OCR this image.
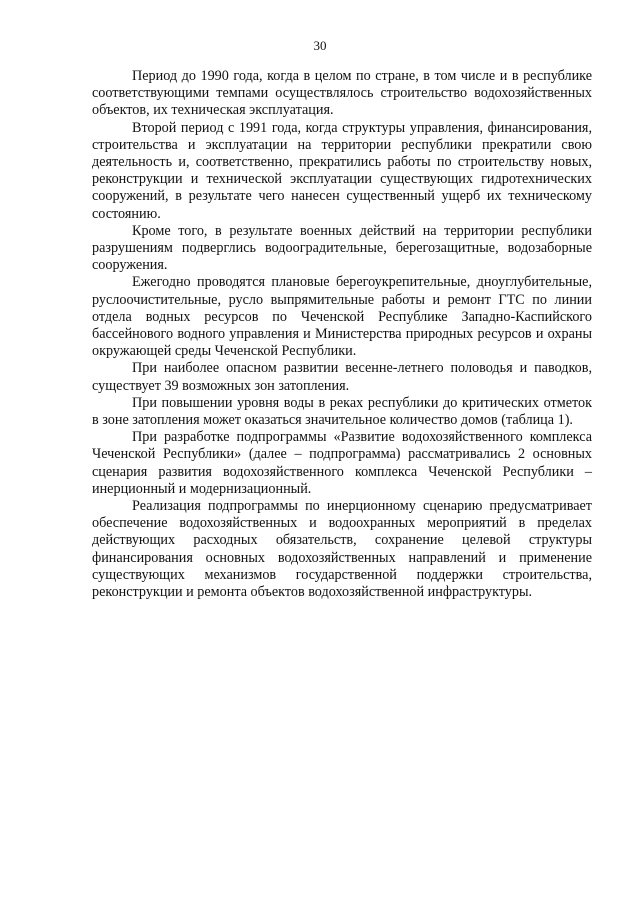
30

Период до 1990 года, когда в целом по стране, в том числе и в республике соответствующими темпами осуществлялось строительство водохозяйственных объектов, их техническая эксплуатация.

Второй период с 1991 года, когда структуры управления, финансирования, строительства и эксплуатации на территории республики прекратили свою деятельность и, соответственно, прекратились работы по строительству новых, реконструкции и технической эксплуатации существующих гидротехнических сооружений, в результате чего нанесен существенный ущерб их техническому состоянию.

Кроме того, в результате военных действий на территории республики разрушениям подверглись водооградительные, берегозащитные, водозаборные сооружения.

Ежегодно проводятся плановые берегоукрепительные, дноуглубительные, руслоочистительные, русло выпрямительные работы и ремонт ГТС по линии отдела водных ресурсов по Чеченской Республике Западно-Каспийского бассейнового водного управления и Министерства природных ресурсов и охраны окружающей среды Чеченской Республики.

При наиболее опасном развитии весенне-летнего половодья и паводков, существует 39 возможных зон затопления.

При повышении уровня воды в реках республики до критических отметок в зоне затопления может оказаться значительное количество домов (таблица 1).

При разработке подпрограммы «Развитие водохозяйственного комплекса Чеченской Республики» (далее – подпрограмма) рассматривались 2 основных сценария развития водохозяйственного комплекса Чеченской Республики – инерционный и модернизационный.

Реализация подпрограммы по инерционному сценарию предусматривает обеспечение водохозяйственных и водоохранных мероприятий в пределах действующих расходных обязательств, сохранение целевой структуры финансирования основных водохозяйственных направлений и применение существующих механизмов государственной поддержки строительства, реконструкции и ремонта объектов водохозяйственной инфраструктуры.
